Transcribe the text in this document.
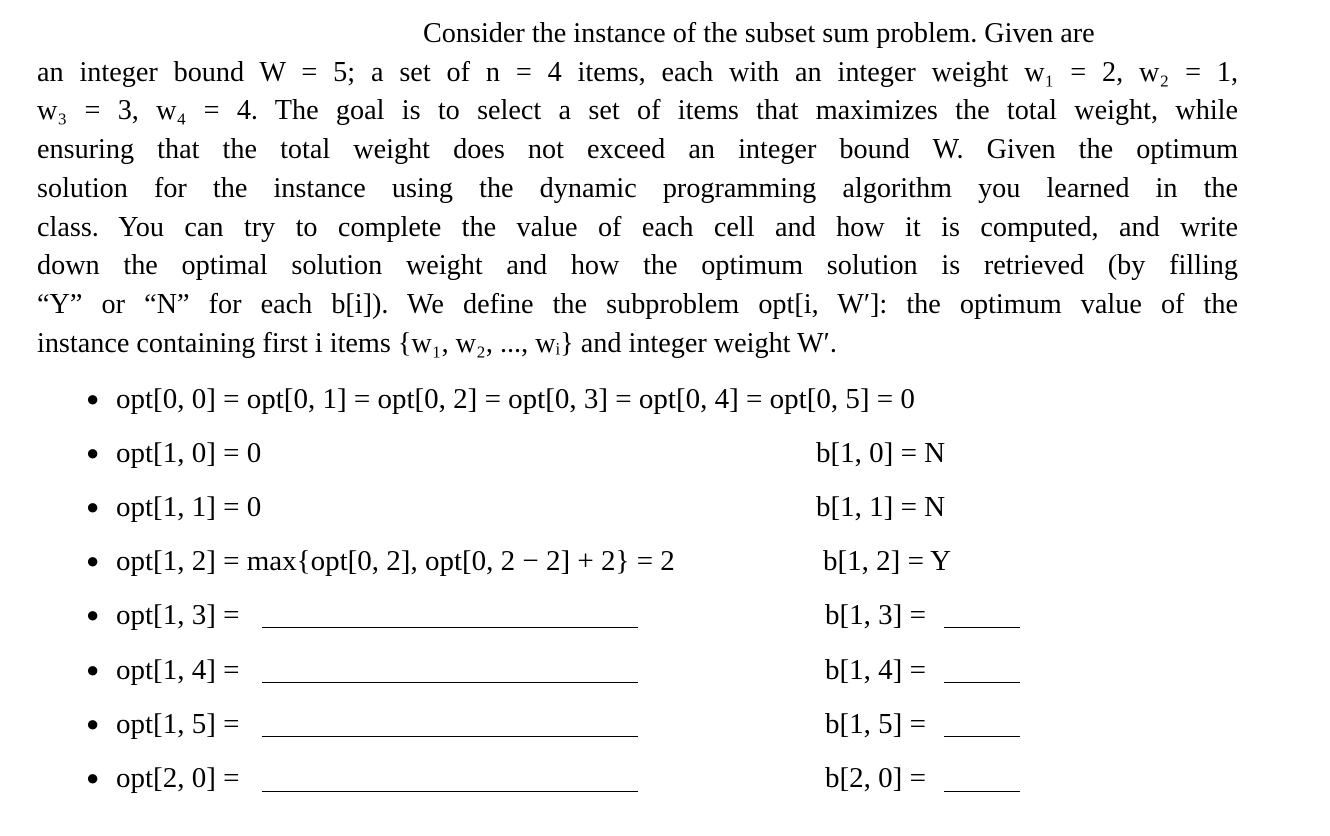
Consider the instance of the subset sum problem. Given are
an integer bound W = 5; a set of n = 4 items, each with an integer weight w₁ = 2, w₂ = 1,
w₃ = 3, w₄ = 4. The goal is to select a set of items that maximizes the total weight, while
ensuring that the total weight does not exceed an integer bound W. Given the optimum
solution for the instance using the dynamic programming algorithm you learned in the
class. You can try to complete the value of each cell and how it is computed, and write
down the optimal solution weight and how the optimum solution is retrieved (by filling
“Y” or “N” for each b[i]). We define the subproblem opt[i, W′]: the optimum value of the
instance containing first i items {w₁, w₂, ..., wᵢ} and integer weight W′.
● opt[0, 0] = opt[0, 1] = opt[0, 2] = opt[0, 3] = opt[0, 4] = opt[0, 5] = 0
● opt[1, 0] = 0	b[1, 0] = N
● opt[1, 1] = 0	b[1, 1] = N
● opt[1, 2] = max{opt[0, 2], opt[0, 2 − 2] + 2} = 2	b[1, 2] = Y
● opt[1, 3] =	b[1, 3] =
● opt[1, 4] =	b[1, 4] =
● opt[1, 5] =	b[1, 5] =
● opt[2, 0] =	b[2, 0] =
